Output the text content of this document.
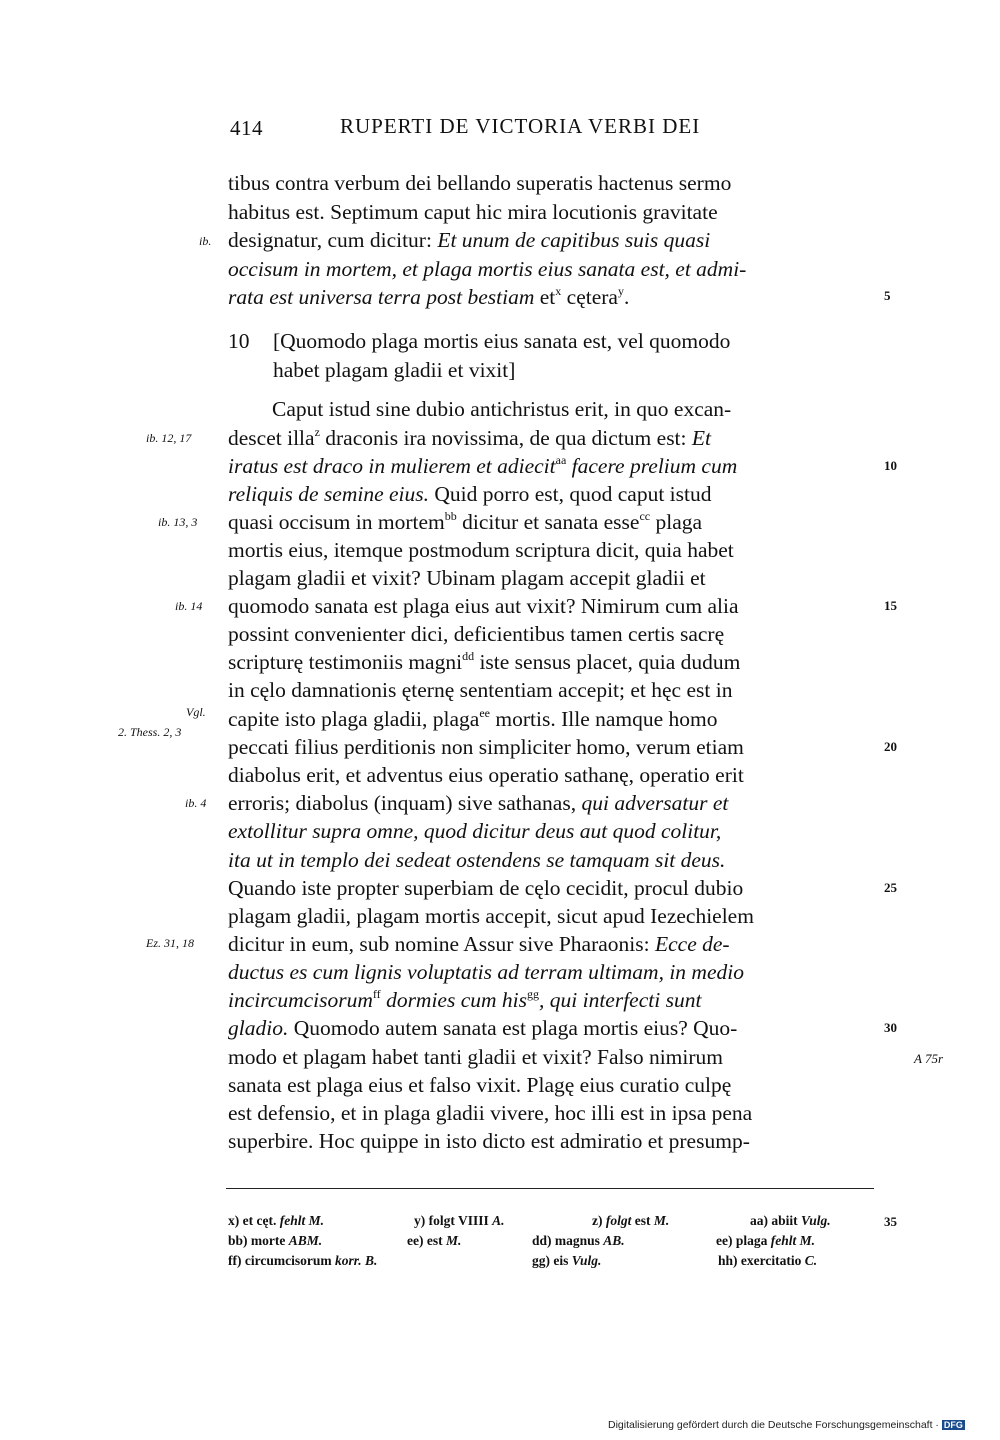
414	RUPERTI DE VICTORIA VERBI DEI
tibus contra verbum dei bellando superatis hactenus sermo
habitus est. Septimum caput hic mira locutionis gravitate
designatur, cum dicitur: Et unum de capitibus suis quasi
occisum in mortem, et plaga mortis eius sanata est, et admi-
rata est universa terra post bestiam $et^x$ cętera$^y$.
Caput istud sine dubio antichristus erit, in quo excan-
descet illa$^z$ draconis ira novissima, de qua dictum est: Et
iratus est draco in mulierem et adiecit$^{aa}$ facere prelium cum
reliquis de semine eius. Quid porro est, quod caput istud
quasi occisum in mortem$^{bb}$ dicitur et sanata esse$^{cc}$ plaga
mortis eius, itemque postmodum scriptura dicit, quia habet
plagam gladii et vixit? Ubinam plagam accepit gladii et
quomodo sanata est plaga eius aut vixit? Nimirum cum alia
possint convenienter dici, deficientibus tamen certis sacrę
scripturę testimoniis magni$^{dd}$ iste sensus placet, quia dudum
in cęlo damnationis ęternę sententiam accepit; et hęc est in
capite isto plaga gladii, plaga$^{ee}$ mortis. Ille namque homo
peccati filius perditionis non simpliciter homo, verum etiam
diabolus erit, et adventus eius operatio sathanę, operatio erit
erroris; diabolus (inquam) sive sathanas, qui adversatur et
extollitur supra omne, quod dicitur deus aut quod colitur,
ita ut in templo dei sedeat ostendens se tamquam sit deus.
Quando iste propter superbiam de cęlo cecidit, procul dubio
plagam gladii, plagam mortis accepit, sicut apud Iezechielem
dicitur in eum, sub nomine Assur sive Pharaonis: Ecce de-
ductus es cum lignis voluptatis ad terram ultimam, in medio
incircumcisorum$^{ff}$ dormies cum his$^{gg}$, qui interfecti sunt
gladio. Quomodo autem sanata est plaga mortis eius? Quo-
modo et plagam habet tanti gladii et vixit? Falso nimirum
sanata est plaga eius et falso vixit. Plagę eius curatio culpę
est defensio, et in plaga gladii vivere, hoc illi est in ipsa pena
superbire. Hoc quippe in isto dicto est admiratio et presump-
10 [Quomodo plaga mortis eius sanata est, vel quomodo
habet plagam gladii et vixit]
5
10
15
20
25
30
35
ib.
ib. 12, 17
ib. 13, 3
ib. 14
Vgl.
2. Thess. 2, 3
ib. 4
Ez. 31, 18
A 75r
x) et cęt. fehlt M.	y) folgt VIIII A.	z) folgt est M.	aa) abiit Vulg.
bb) morte ABM.	ee) est M.	dd) magnus AB.	ee) plaga fehlt M.
ff) circumcisorum korr. B.	gg) eis Vulg.	hh) exercitatio C.
Digitalisierung gefördert durch die Deutsche Forschungsgemeinschaft · DFG
